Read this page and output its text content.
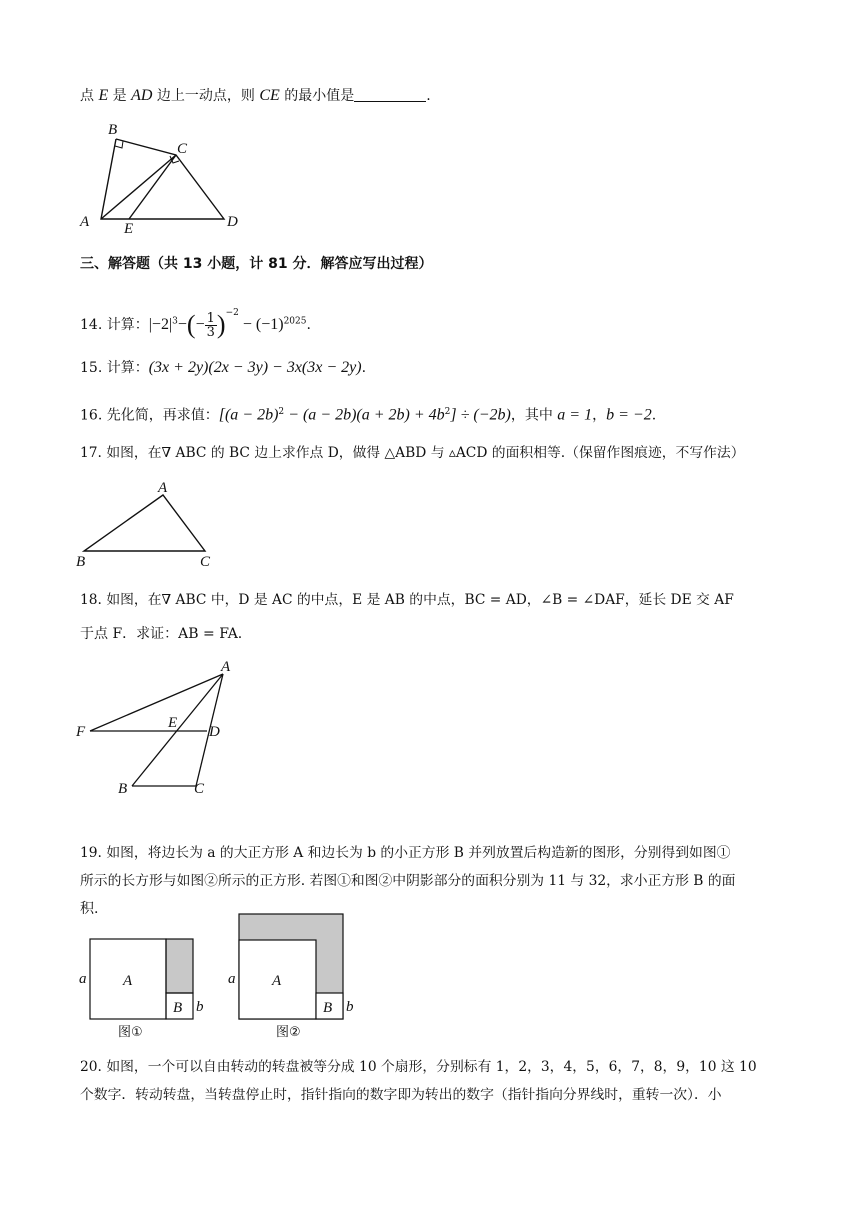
点 E 是 AD 边上一动点，则 CE 的最小值是	.
B
C
A E	D
三、解答题（共 13 小题，计 81 分．解答应写出过程）
14. 计算：$|-2|^3-(- \frac{1}{3} )^{-2} - (-1)^{2025}$.
15. 计算：(3x + 2y)(2x − 3y) − 3x(3x − 2y).
16. 先化简，再求值：$[(a - 2b)^2 - (a - 2b)(a + 2b) + 4b^2] \div (-2b)$，其中 a = 1，b = −2.
17. 如图，在∇ ABC 的 BC 边上求作点 D，做得 △ABD 与 ▵ACD 的面积相等.（保留作图痕迹，不写作法）
A
B	C
18. 如图，在∇ ABC 中，D 是 AC 的中点，E 是 AB 的中点，BC = AD，∠B = ∠DAF，延长 DE 交 AF
于点 F．求证：AB = FA.
A
F
E
D
B	C
19. 如图，将边长为 a 的大正方形 A 和边长为 b 的小正方形 B 并列放置后构造新的图形，分别得到如图①
所示的长方形与如图②所示的正方形. 若图①和图②中阴影部分的面积分别为 11 与 32，求小正方形 B 的面
积.
a A
B b
图①
a A
B b
图②
20. 如图，一个可以自由转动的转盘被等分成 10 个扇形，分别标有 1，2，3，4，5，6，7，8，9，10 这 10
个数字．转动转盘，当转盘停止时，指针指向的数字即为转出的数字（指针指向分界线时，重转一次）．小
